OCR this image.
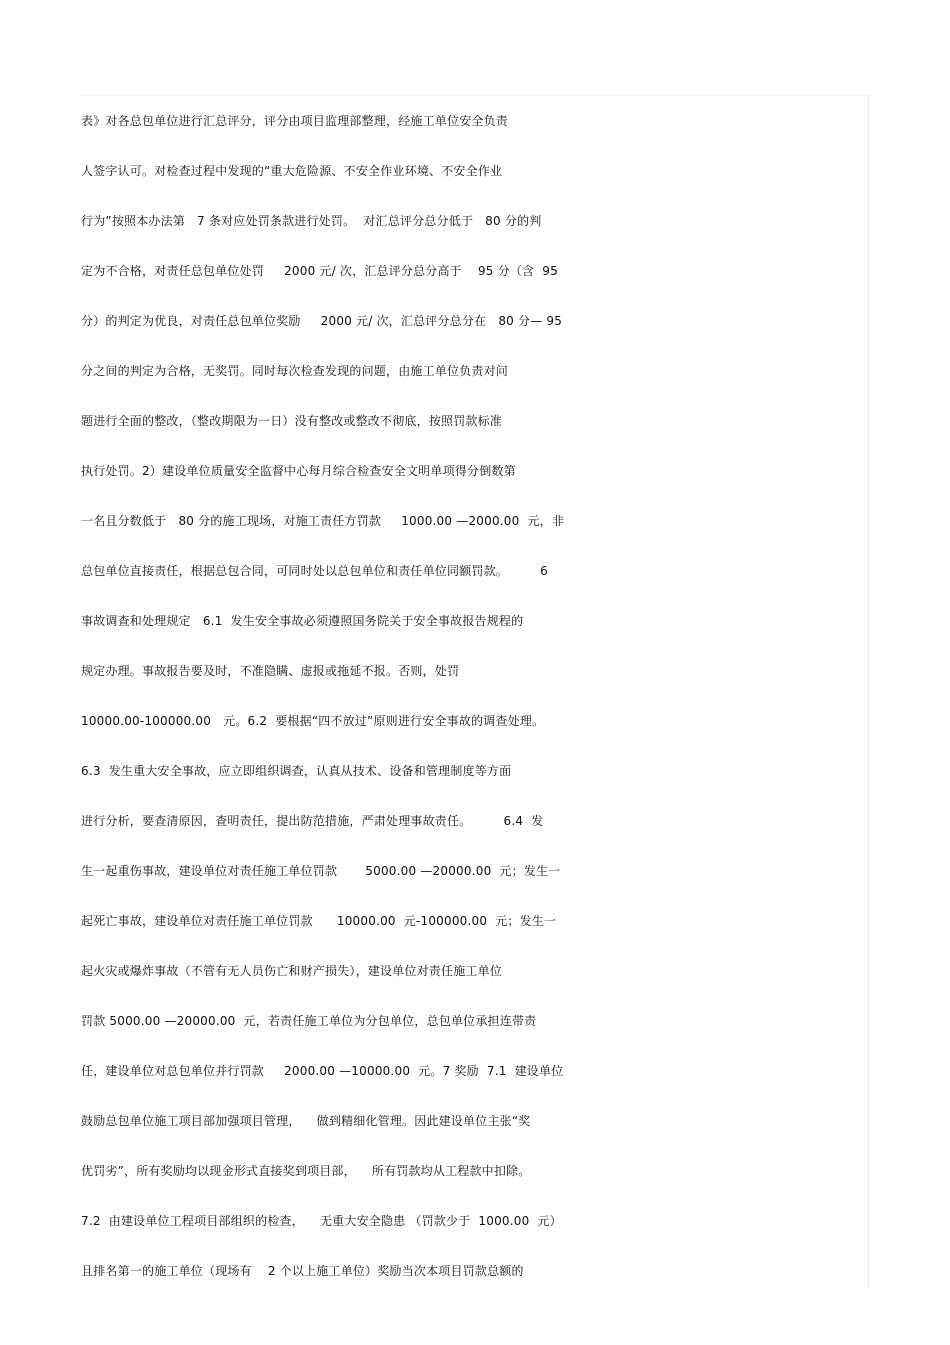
表》对各总包单位进行汇总评分，评分由项目监理部整理，经施工单位安全负责
人签字认可。对检查过程中发现的“重大危险源、不安全作业环境、不安全作业
行为”按照本办法第   7 条对应处罚条款进行处罚。  对汇总评分总分低于   80 分的判
定为不合格，对责任总包单位处罚     2000 元/ 次，汇总评分总分高于    95 分（含  95
分）的判定为优良，对责任总包单位奖励     2000 元/ 次，汇总评分总分在   80 分— 95
分之间的判定为合格，无奖罚。同时每次检查发现的问题，由施工单位负责对问
题进行全面的整改，（整改期限为一日）没有整改或整改不彻底，按照罚款标准
执行处罚。2）建设单位质量安全监督中心每月综合检查安全文明单项得分倒数第
一名且分数低于   80 分的施工现场，对施工责任方罚款     1000.00 —2000.00  元，非
总包单位直接责任，根据总包合同，可同时处以总包单位和责任单位同额罚款。        6
事故调查和处理规定   6.1  发生安全事故必须遵照国务院关于安全事故报告规程的
规定办理。事故报告要及时，不准隐瞒、虚报或拖延不报。否则，处罚
10000.00-100000.00   元。6.2  要根据“四不放过”原则进行安全事故的调查处理。
6.3  发生重大安全事故，应立即组织调查，认真从技术、设备和管理制度等方面
进行分析，要查清原因，查明责任，提出防范措施，严肃处理事故责任。        6.4  发
生一起重伤事故，建设单位对责任施工单位罚款       5000.00 —20000.00  元；发生一
起死亡事故，建设单位对责任施工单位罚款      10000.00  元-100000.00  元；发生一
起火灾或爆炸事故（不管有无人员伤亡和财产损失），建设单位对责任施工单位
罚款 5000.00 —20000.00  元，若责任施工单位为分包单位，总包单位承担连带责
任，建设单位对总包单位并行罚款     2000.00 —10000.00  元。7 奖励  7.1  建设单位
鼓励总包单位施工项目部加强项目管理，    做到精细化管理。因此建设单位主张“奖
优罚劣”，所有奖励均以现金形式直接奖到项目部，    所有罚款均从工程款中扣除。
7.2  由建设单位工程项目部组织的检查，    无重大安全隐患 （罚款少于  1000.00  元）
且排名第一的施工单位（现场有    2 个以上施工单位）奖励当次本项目罚款总额的
